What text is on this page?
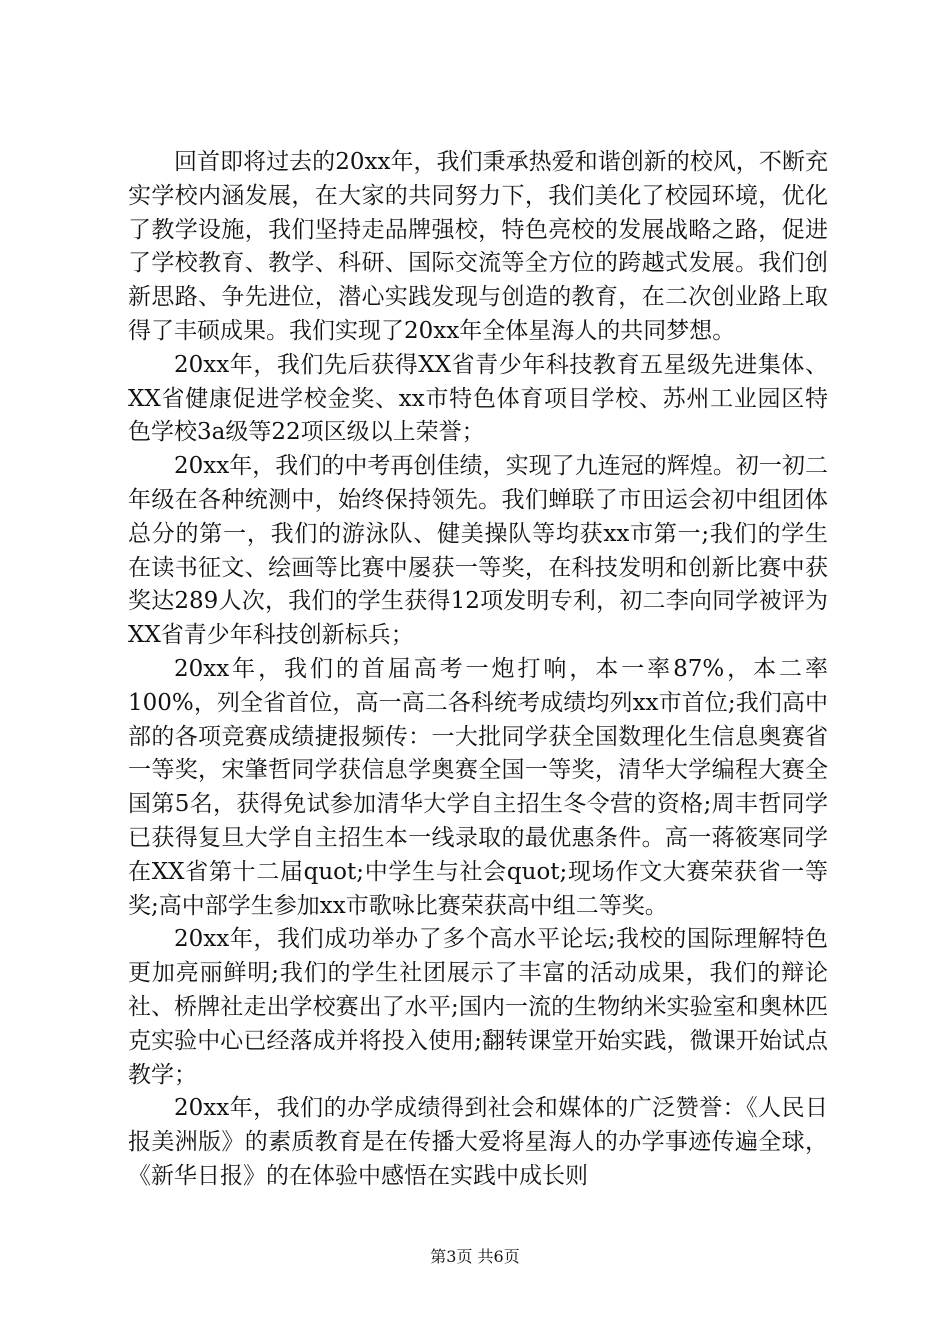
回首即将过去的20xx年，我们秉承热爱和谐创新的校风，不断充实学校内涵发展，在大家的共同努力下，我们美化了校园环境，优化了教学设施，我们坚持走品牌强校，特色亮校的发展战略之路，促进了学校教育、教学、科研、国际交流等全方位的跨越式发展。我们创新思路、争先进位，潜心实践发现与创造的教育，在二次创业路上取得了丰硕成果。我们实现了20xx年全体星海人的共同梦想。

20xx年，我们先后获得XX省青少年科技教育五星级先进集体、XX省健康促进学校金奖、xx市特色体育项目学校、苏州工业园区特色学校3a级等22项区级以上荣誉；

20xx年，我们的中考再创佳绩，实现了九连冠的辉煌。初一初二年级在各种统测中，始终保持领先。我们蝉联了市田运会初中组团体总分的第一，我们的游泳队、健美操队等均获xx市第一;我们的学生在读书征文、绘画等比赛中屡获一等奖，在科技发明和创新比赛中获奖达289人次，我们的学生获得12项发明专利，初二李向同学被评为XX省青少年科技创新标兵；

20xx年，我们的首届高考一炮打响，本一率87%，本二率100%，列全省首位，高一高二各科统考成绩均列xx市首位;我们高中部的各项竞赛成绩捷报频传：一大批同学获全国数理化生信息奥赛省一等奖，宋肇哲同学获信息学奥赛全国一等奖，清华大学编程大赛全国第5名，获得免试参加清华大学自主招生冬令营的资格;周丰哲同学已获得复旦大学自主招生本一线录取的最优惠条件。高一蒋筱寒同学在XX省第十二届quot;中学生与社会quot;现场作文大赛荣获省一等奖;高中部学生参加xx市歌咏比赛荣获高中组二等奖。

20xx年，我们成功举办了多个高水平论坛;我校的国际理解特色更加亮丽鲜明;我们的学生社团展示了丰富的活动成果，我们的辩论社、桥牌社走出学校赛出了水平;国内一流的生物纳米实验室和奥林匹克实验中心已经落成并将投入使用;翻转课堂开始实践，微课开始试点教学；

20xx年，我们的办学成绩得到社会和媒体的广泛赞誉：《人民日报美洲版》的素质教育是在传播大爱将星海人的办学事迹传遍全球，《新华日报》的在体验中感悟在实践中成长则

第3页 共6页
